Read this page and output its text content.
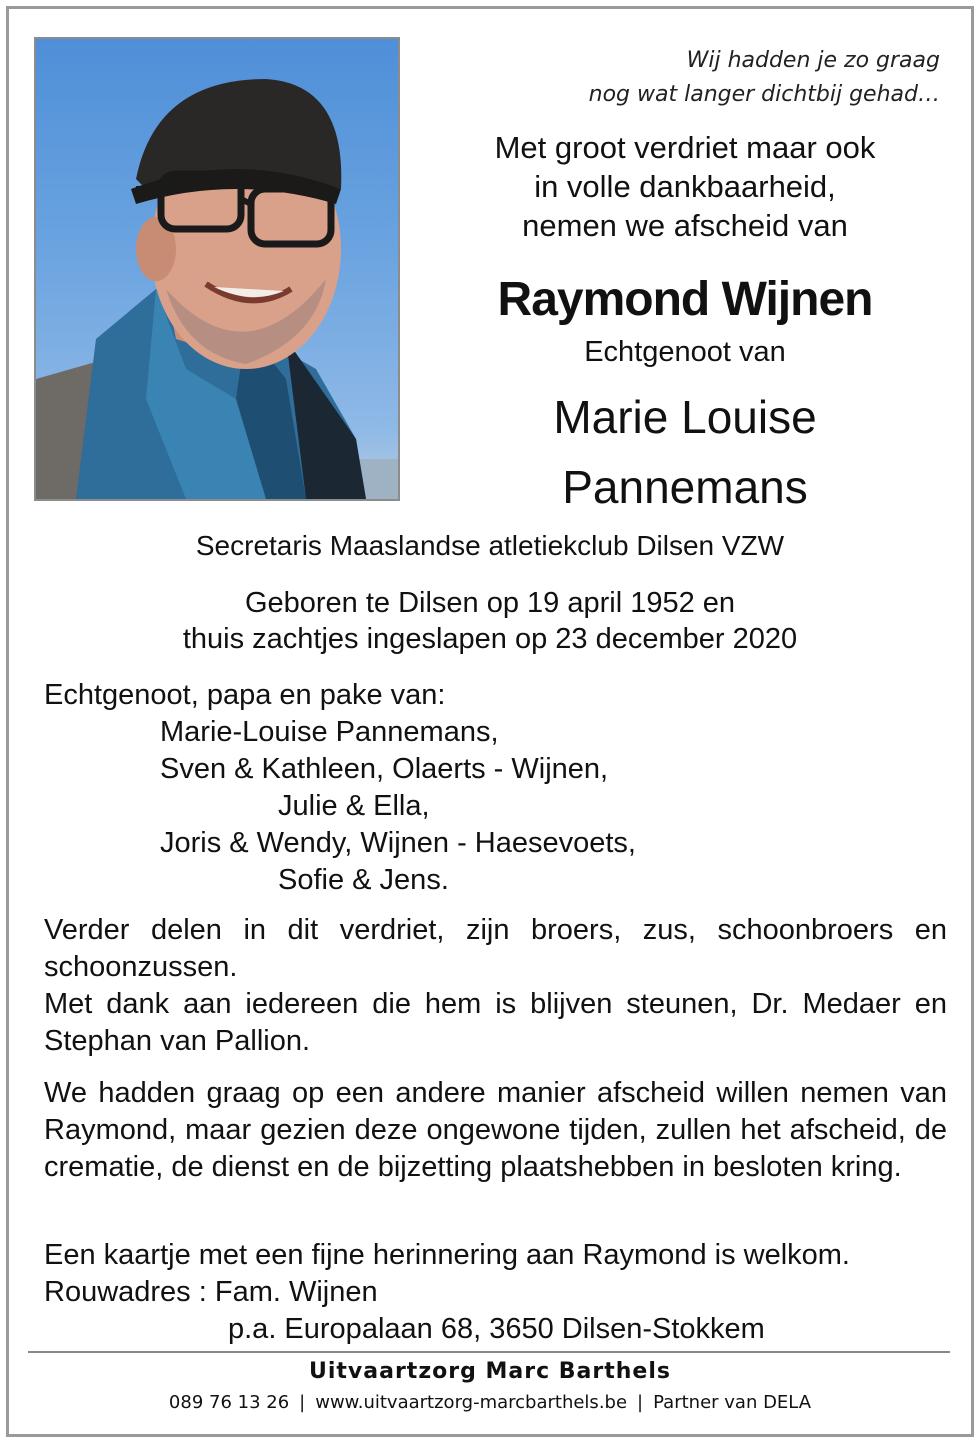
Wij hadden je zo graag
nog wat langer dichtbij gehad…
Met groot verdriet maar ook
in volle dankbaarheid,
nemen we afscheid van
Raymond Wijnen
Echtgenoot van
Marie Louise
Pannemans
Secretaris Maaslandse atletiekclub Dilsen VZW
Geboren te Dilsen op 19 april 1952 en
thuis zachtjes ingeslapen op 23 december 2020
Echtgenoot, papa en pake van:
Marie-Louise Pannemans,
Sven & Kathleen, Olaerts - Wijnen,
Julie & Ella,
Joris & Wendy, Wijnen - Haesevoets,
Sofie & Jens.
Verder delen in dit verdriet, zijn broers, zus, schoonbroers en schoonzussen.
Met dank aan iedereen die hem is blijven steunen, Dr. Medaer en Stephan van Pallion.
We hadden graag op een andere manier afscheid willen nemen van Raymond, maar gezien deze ongewone tijden, zullen het afscheid, de crematie, de dienst en de bijzetting plaatshebben in besloten kring.
Een kaartje met een fijne herinnering aan Raymond is welkom.
Rouwadres : Fam. Wijnen
p.a. Europalaan 68, 3650 Dilsen-Stokkem
Uitvaartzorg Marc Barthels
089 76 13 26 | www.uitvaartzorg-marcbarthels.be | Partner van DELA
